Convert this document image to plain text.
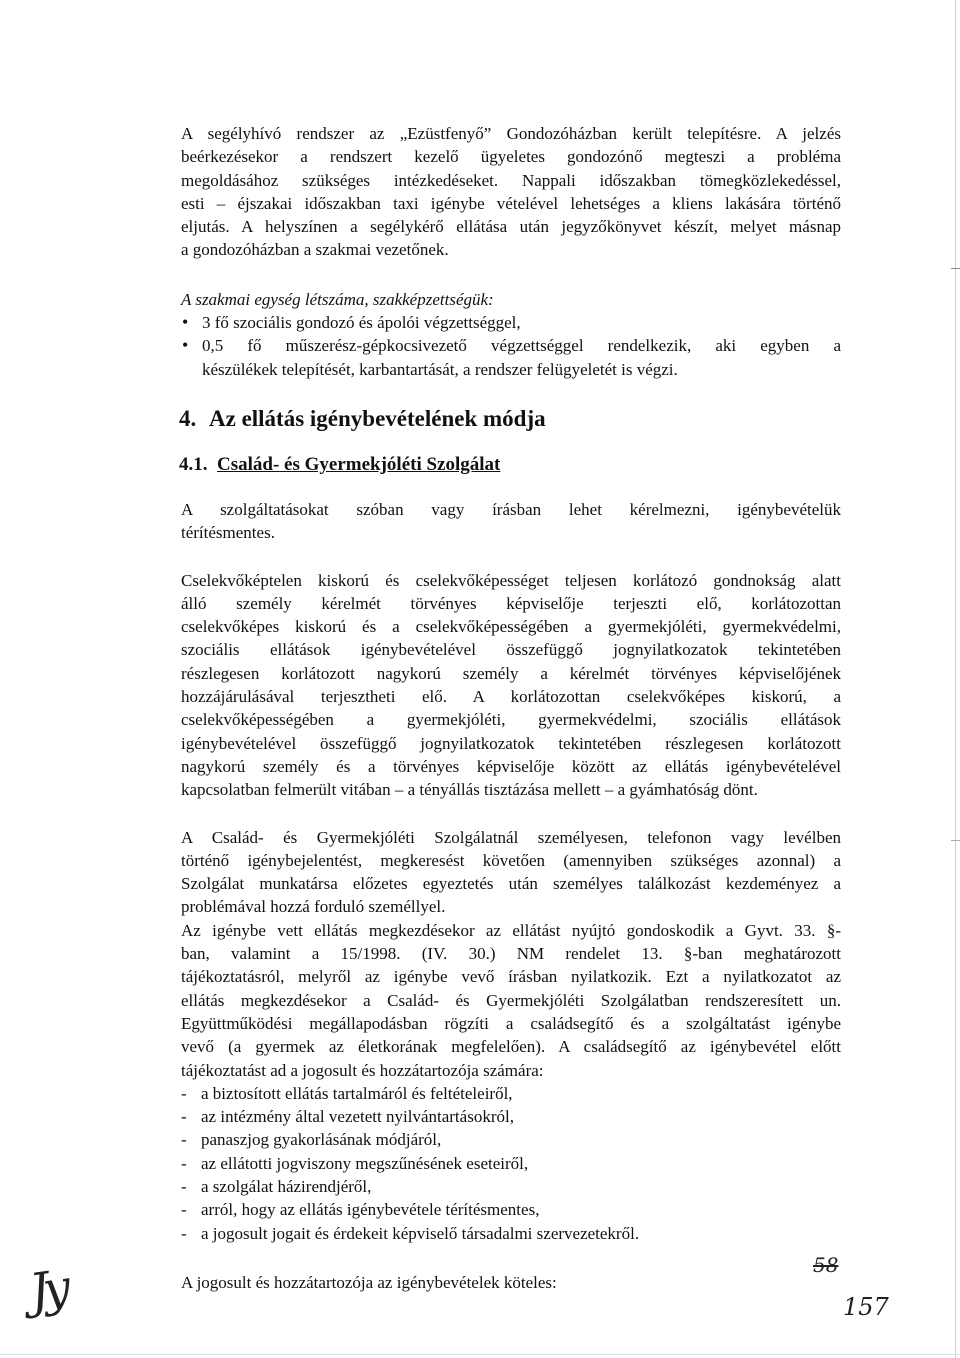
A segélyhívó rendszer az „Ezüstfenyő” Gondozóházban került telepítésre. A jelzés

beérkezésekor a rendszert kezelő ügyeletes gondozónő megteszi a probléma

megoldásához szükséges intézkedéseket. Nappali időszakban tömegközlekedéssel,

esti – éjszakai időszakban taxi igénybe vételével lehetséges a kliens lakására történő

eljutás. A helyszínen a segélykérő ellátása után jegyzőkönyvet készít, melyet másnap

a gondozóházban a szakmai vezetőnek.

A szakmai egység létszáma, szakképzettségük:

• 3 fő szociális gondozó és ápolói végzettséggel,

• 0,5 fő műszerész-gépkocsivezető végzettséggel rendelkezik, aki egyben a

készülékek telepítését, karbantartását, a rendszer felügyeletét is végzi.

4. Az ellátás igénybevételének módja
4.1. Család- és Gyermekjóléti Szolgálat

A szolgáltatásokat szóban vagy írásban lehet kérelmezni, igénybevételük

térítésmentes.

Cselekvőképtelen kiskorú és cselekvőképességet teljesen korlátozó gondnokság alatt

álló személy kérelmét törvényes képviselője terjeszti elő, korlátozottan

cselekvőképes kiskorú és a cselekvőképességében a gyermekjóléti, gyermekvédelmi,

szociális ellátások igénybevételével összefüggő jognyilatkozatok tekintetében

részlegesen korlátozott nagykorú személy a kérelmét törvényes képviselőjének

hozzájárulásával terjesztheti elő. A korlátozottan cselekvőképes kiskorú, a

cselekvőképességében a gyermekjóléti, gyermekvédelmi, szociális ellátások

igénybevételével összefüggő jognyilatkozatok tekintetében részlegesen korlátozott

nagykorú személy és a törvényes képviselője között az ellátás igénybevételével

kapcsolatban felmerült vitában – a tényállás tisztázása mellett – a gyámhatóság dönt.

A Család- és Gyermekjóléti Szolgálatnál személyesen, telefonon vagy levélben

történő igénybejelentést, megkeresést követően (amennyiben szükséges azonnal) a

Szolgálat munkatársa előzetes egyeztetés után személyes találkozást kezdeményez a

problémával hozzá forduló személlyel.

Az igénybe vett ellátás megkezdésekor az ellátást nyújtó gondoskodik a Gyvt. 33. §-

ban, valamint a 15/1998. (IV. 30.) NM rendelet 13. §-ban meghatározott

tájékoztatásról, melyről az igénybe vevő írásban nyilatkozik. Ezt a nyilatkozatot az

ellátás megkezdésekor a Család- és Gyermekjóléti Szolgálatban rendszeresített un.

Együttműködési megállapodásban rögzíti a családsegítő és a szolgáltatást igénybe

vevő (a gyermek az életkorának megfelelően). A családsegítő az igénybevétel előtt

tájékoztatást ad a jogosult és hozzátartozója számára:

- a biztosított ellátás tartalmáról és feltételeiről,
- az intézmény által vezetett nyilvántartásokról,
- panaszjog gyakorlásának módjáról,
- az ellátotti jogviszony megszűnésének eseteiről,
- a szolgálat házirendjéről,
- arról, hogy az ellátás igénybevétele térítésmentes,
- a jogosult jogait és érdekeit képviselő társadalmi szervezetekről.

A jogosult és hozzátartozója az igénybevételek köteles:

Jy	58
157
